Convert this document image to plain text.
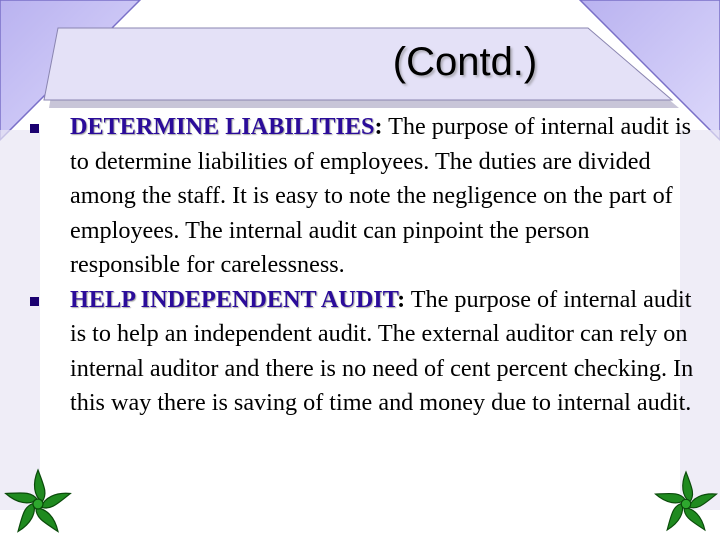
(Contd.)

DETERMINE LIABILITIES: The purpose of internal audit is to determine liabilities of employees. The duties are divided among the staff. It is easy to note the negligence on the part of employees. The internal audit can pinpoint the person responsible for carelessness.

HELP INDEPENDENT AUDIT: The purpose of internal audit is to help an independent audit. The external auditor can rely on internal auditor and there is no need of cent percent checking. In this way there is saving of time and money due to internal audit.
